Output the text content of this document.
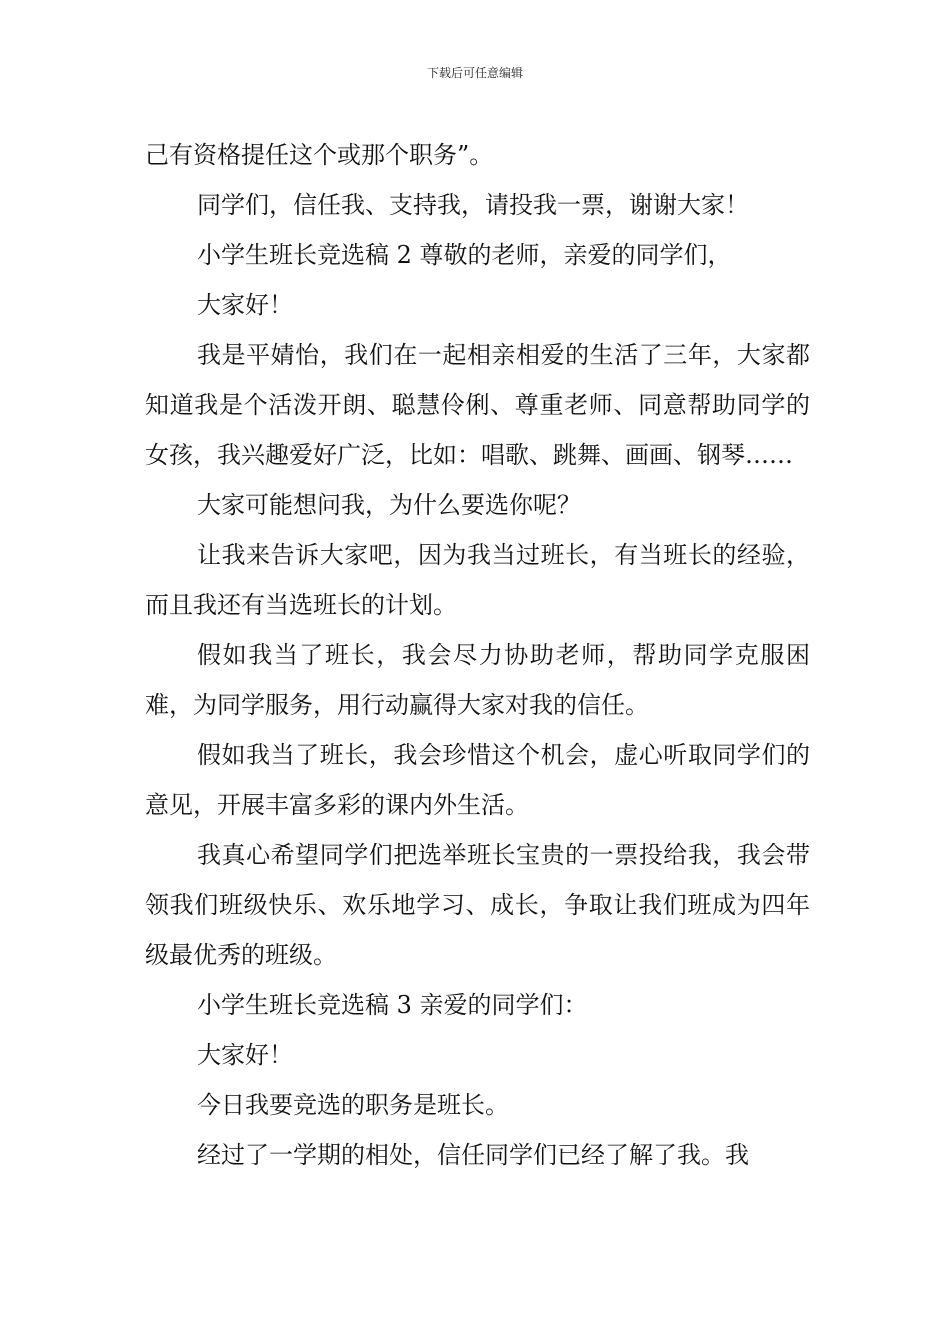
下载后可任意编辑

己有资格提任这个或那个职务”。

同学们，信任我、支持我，请投我一票，谢谢大家！

小学生班长竞选稿 2 尊敬的老师，亲爱的同学们，

大家好！

我是平婧怡，我们在一起相亲相爱的生活了三年，大家都知道我是个活泼开朗、聪慧伶俐、尊重老师、同意帮助同学的女孩，我兴趣爱好广泛，比如：唱歌、跳舞、画画、钢琴……

大家可能想问我，为什么要选你呢？

让我来告诉大家吧，因为我当过班长，有当班长的经验，而且我还有当选班长的计划。

假如我当了班长，我会尽力协助老师，帮助同学克服困难，为同学服务，用行动赢得大家对我的信任。

假如我当了班长，我会珍惜这个机会，虚心听取同学们的意见，开展丰富多彩的课内外生活。

我真心希望同学们把选举班长宝贵的一票投给我，我会带领我们班级快乐、欢乐地学习、成长，争取让我们班成为四年级最优秀的班级。

小学生班长竞选稿 3 亲爱的同学们：

大家好！

今日我要竞选的职务是班长。

经过了一学期的相处，信任同学们已经了解了我。我
